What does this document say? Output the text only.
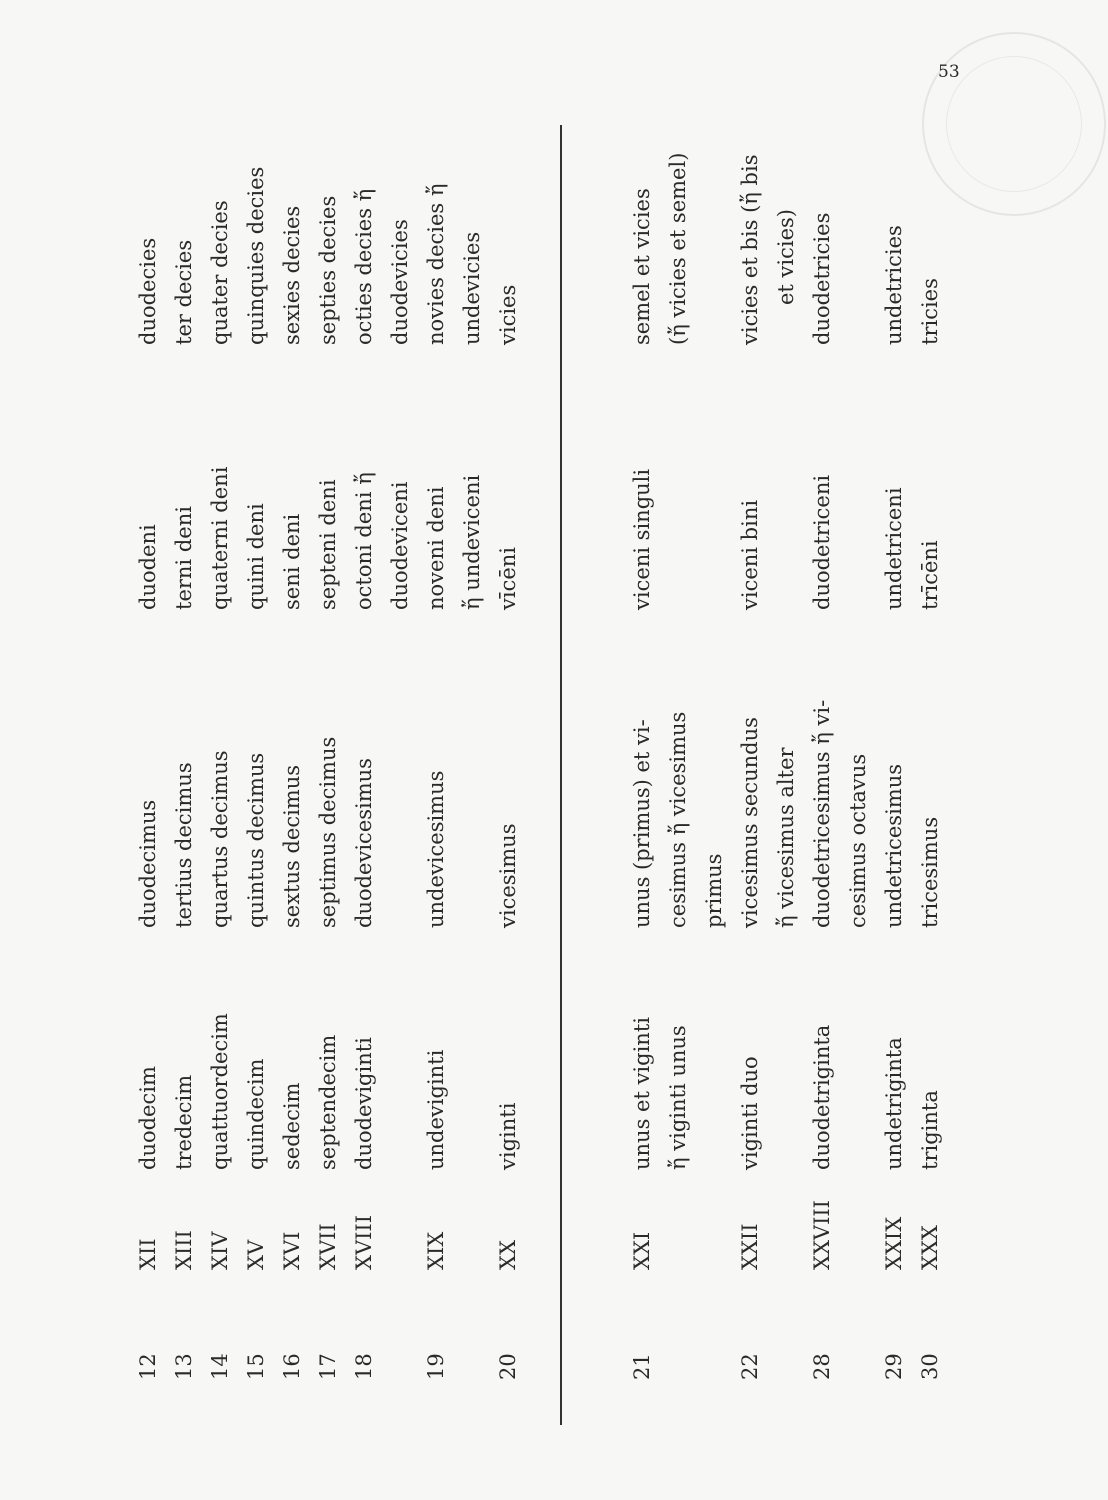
53
12
XII
duodecim
duodecimus
duodeni
duodecies
13
XIII
tredecim
tertius decimus
terni deni
ter decies
14
XIV
quattuordecim
quartus decimus
quaterni deni
quater decies
15
XV
quindecim
quintus decimus
quini deni
quinquies decies
16
XVI
sedecim
sextus decimus
seni deni
sexies decies
17
XVII
septendecim
septimus decimus
septeni deni
septies decies
18
XVIII
duodeviginti
duodevicesimus
octoni deni ἤ duodeviceni
octies decies ἤ duodevicies
19
XIX
undeviginti
undevicesimus
noveni deni ἤ undeviceni
novies decies ἤ undevicies
20
XX
viginti
vicesimus
vīcēni
vicies
21
XXI
unus et viginti ἤ viginti unus
unus (primus) et vi- cesimus ἤ vicesimus primus
viceni singuli
semel et vicies (ἤ vicies et semel)
22
XXII
viginti duo
vicesimus secundus ἤ vicesimus alter
viceni bini
vicies et bis (ἤ bis et vicies)
28
XXVIII
duodetriginta
duodetricesimus ἤ vi- cesimus octavus
duodetriceni
duodetricies
29
XXIX
undetriginta
undetricesimus
undetriceni
undetricies
30
XXX
triginta
tricesimus
trīcēni
tricies
